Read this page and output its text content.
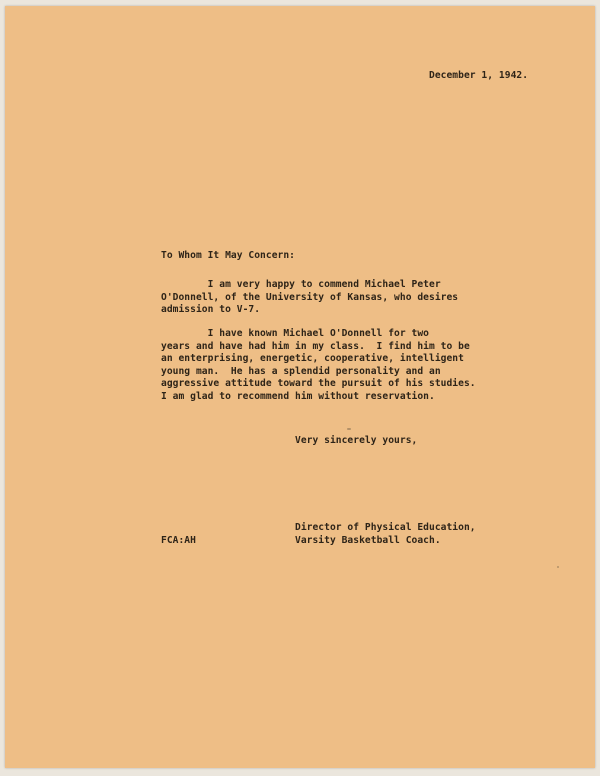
December 1, 1942.
To Whom It May Concern:
I am very happy to commend Michael Peter
O'Donnell, of the University of Kansas, who desires
admission to V-7.
I have known Michael O'Donnell for two
years and have had him in my class.  I find him to be
an enterprising, energetic, cooperative, intelligent
young man.  He has a splendid personality and an
aggressive attitude toward the pursuit of his studies.
I am glad to recommend him without reservation.
Very sincerely yours,
Director of Physical Education,
Varsity Basketball Coach.
FCA:AH
